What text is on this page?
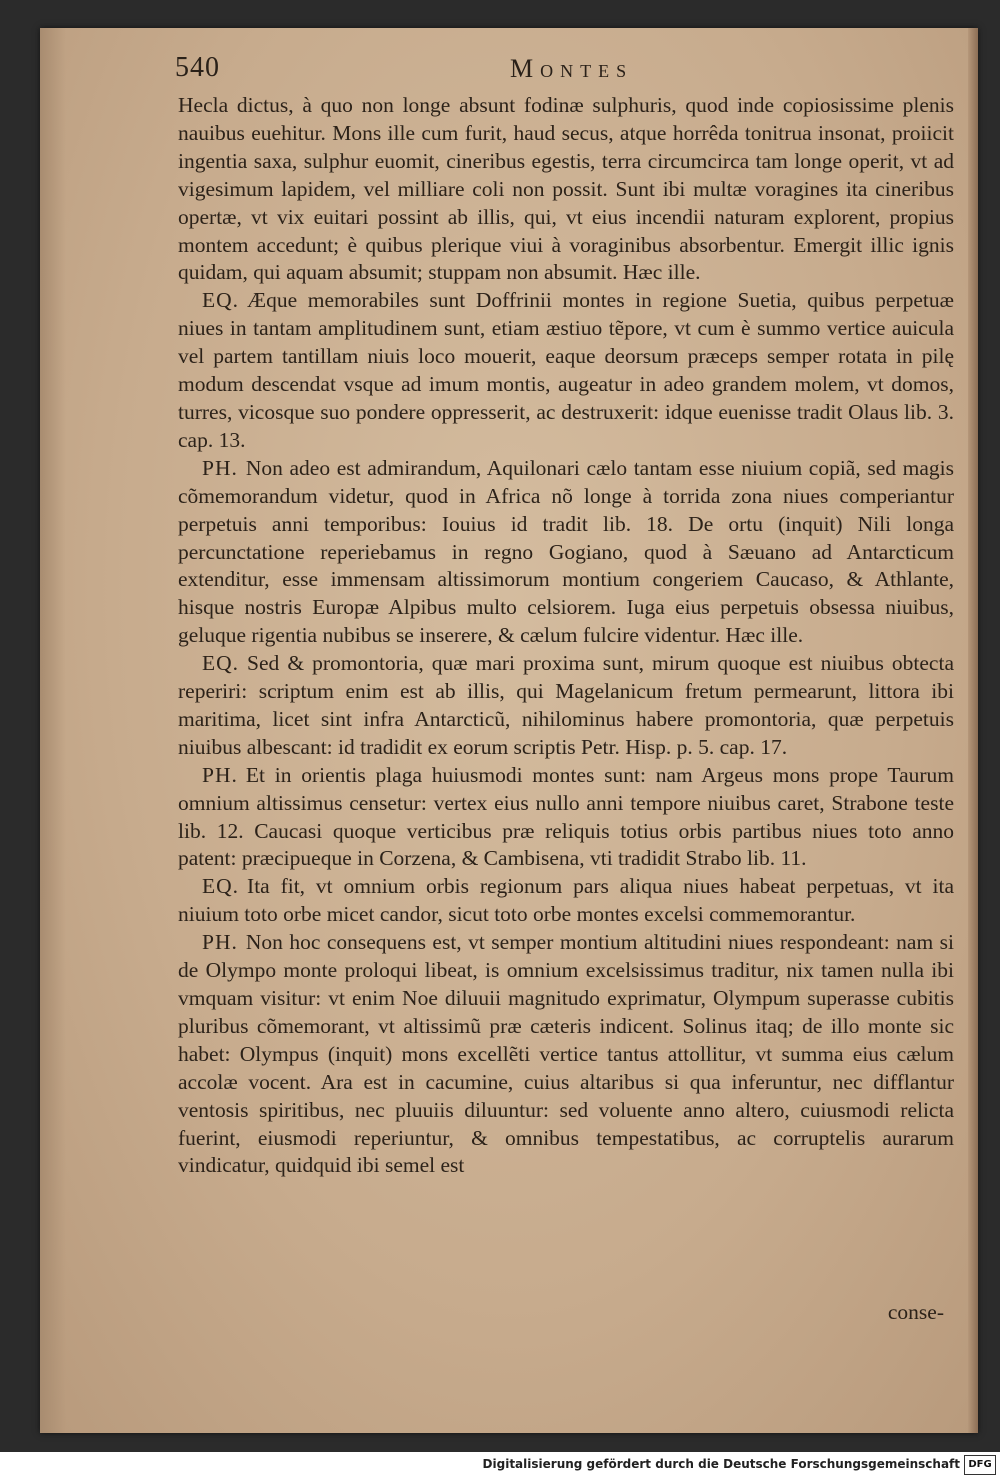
540	Montes

Hecla dictus, à quo non longe absunt fodinæ sulphuris, quod inde copiosissime plenis nauibus euehitur. Mons ille cum furit, haud secus, atque horrêda tonitrua insonat, proiicit ingentia saxa, sulphur euomit, cineribus egestis, terra circumcirca tam longe operit, vt ad vigesimum lapidem, vel milliare coli non possit. Sunt ibi multæ voragines ita cineribus opertæ, vt vix euitari possint ab illis, qui, vt eius incendii naturam explorent, propius montem accedunt; è quibus plerique viui à voraginibus absorbentur. Emergit illic ignis quidam, qui aquam absumit; stuppam non absumit. Hæc ille.

EQ. Æque memorabiles sunt Doffrinii montes in regione Suetia, quibus perpetuæ niues in tantam amplitudinem sunt, etiam æstiuo tẽpore, vt cum è summo vertice auicula vel partem tantillam niuis loco mouerit, eaque deorsum præceps semper rotata in pilę modum descendat vsque ad imum montis, augeatur in adeo grandem molem, vt domos, turres, vicosque suo pondere oppresserit, ac destruxerit: idque euenisse tradit Olaus lib. 3. cap. 13.

PH. Non adeo est admirandum, Aquilonari cælo tantam esse niuium copiã, sed magis cõmemorandum videtur, quod in Africa nõ longe à torrida zona niues comperiantur perpetuis anni temporibus: Iouius id tradit lib. 18. De ortu (inquit) Nili longa percunctatione reperiebamus in regno Gogiano, quod à Sæuano ad Antarcticum extenditur, esse immensam altissimorum montium congeriem Caucaso, & Athlante, hisque nostris Europæ Alpibus multo celsiorem. Iuga eius perpetuis obsessa niuibus, geluque rigentia nubibus se inserere, & cælum fulcire videntur. Hæc ille.

EQ. Sed & promontoria, quæ mari proxima sunt, mirum quoque est niuibus obtecta reperiri: scriptum enim est ab illis, qui Magelanicum fretum permearunt, littora ibi maritima, licet sint infra Antarcticũ, nihilominus habere promontoria, quæ perpetuis niuibus albescant: id tradidit ex eorum scriptis Petr. Hisp. p. 5. cap. 17.

PH. Et in orientis plaga huiusmodi montes sunt: nam Argeus mons prope Taurum omnium altissimus censetur: vertex eius nullo anni tempore niuibus caret, Strabone teste lib. 12. Caucasi quoque verticibus præ reliquis totius orbis partibus niues toto anno patent: præcipueque in Corzena, & Cambisena, vti tradidit Strabo lib. 11.

EQ. Ita fit, vt omnium orbis regionum pars aliqua niues habeat perpetuas, vt ita niuium toto orbe micet candor, sicut toto orbe montes excelsi commemorantur.

PH. Non hoc consequens est, vt semper montium altitudini niues respondeant: nam si de Olympo monte proloqui libeat, is omnium excelsissimus traditur, nix tamen nulla ibi vmquam visitur: vt enim Noe diluuii magnitudo exprimatur, Olympum superasse cubitis pluribus cõmemorant, vt altissimũ præ cæteris indicent. Solinus itaq; de illo monte sic habet: Olympus (inquit) mons excellẽti vertice tantus attollitur, vt summa eius cælum accolæ vocent. Ara est in cacumine, cuius altaribus si qua inferuntur, nec difflantur ventosis spiritibus, nec pluuiis diluuntur: sed voluente anno altero, cuiusmodi relicta fuerint, eiusmodi reperiuntur, & omnibus tempestatibus, ac corruptelis aurarum vindicatur, quidquid ibi semel est

conse-
Digitalisierung gefördert durch die Deutsche Forschungsgemeinschaft DFG
